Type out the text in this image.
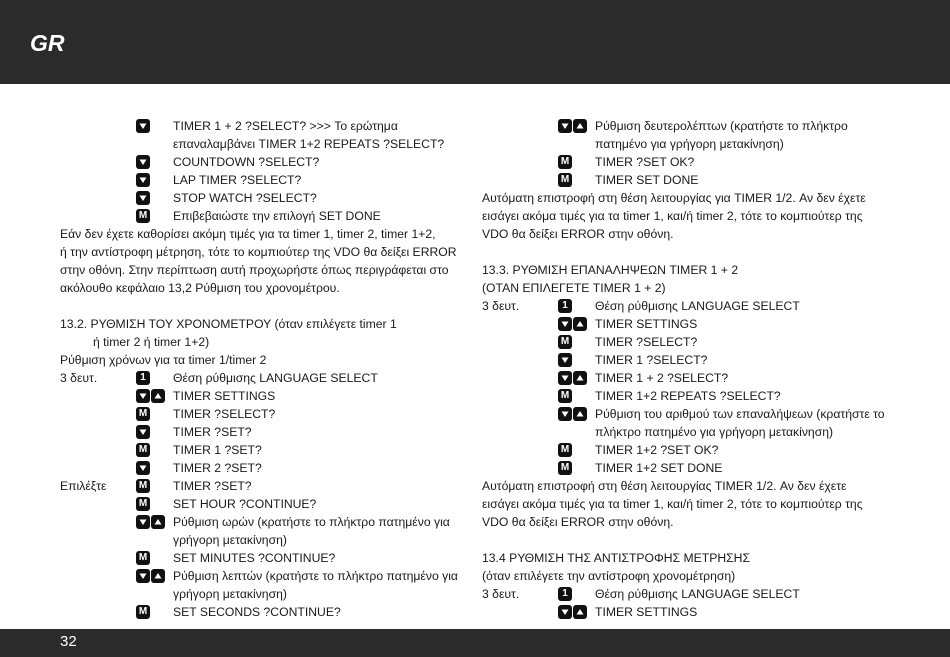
GR
TIMER 1 + 2 ?SELECT? >>> Το ερώτημα
επαναλαμβάνει TIMER 1+2 REPEATS ?SELECT?
COUNTDOWN ?SELECT?
LAP TIMER ?SELECT?
STOP WATCH ?SELECT?
M Επιβεβαιώστε την επιλογή SET DONE
Εάν δεν έχετε καθορίσει ακόμη τιμές για τα timer 1, timer 2, timer 1+2,
ή την αντίστροφη μέτρηση, τότε το κομπιούτερ της VDO θα δείξει ERROR
στην οθόνη. Στην περίπτωση αυτή προχωρήστε όπως περιγράφεται στο
ακόλουθο κεφάλαιο 13,2 Ρύθμιση του χρονομέτρου.
13.2. ΡΥΘΜΙΣΗ ΤΟΥ ΧΡΟΝΟΜΕΤΡΟΥ (όταν επιλέγετε timer 1
ή timer 2 ή timer 1+2)
Ρύθμιση χρόνων για τα timer 1/timer 2
3 δευτ.	1	Θέση ρύθμισης LANGUAGE SELECT
TIMER SETTINGS
M TIMER ?SELECT?
TIMER ?SET?
M TIMER 1 ?SET?
TIMER 2 ?SET?
Επιλέξτε	M TIMER ?SET?
M SET HOUR ?CONTINUE?
Ρύθμιση ωρών (κρατήστε το πλήκτρο πατημένο για
γρήγορη μετακίνηση)
M SET MINUTES ?CONTINUE?
Ρύθμιση λεπτών (κρατήστε το πλήκτρο πατημένο για
γρήγορη μετακίνηση)
M SET SECONDS ?CONTINUE?
Ρύθμιση δευτερολέπτων (κρατήστε το πλήκτρο
πατημένο για γρήγορη μετακίνηση)
M TIMER ?SET OK?
M TIMER SET DONE
Αυτόματη επιστροφή στη θέση λειτουργίας για TIMER 1/2. Αν δεν έχετε
εισάγει ακόμα τιμές για τα timer 1, και/ή timer 2, τότε το κομπιούτερ της
VDO θα δείξει ERROR στην οθόνη.
13.3. ΡΥΘΜΙΣΗ ΕΠΑΝΑΛΗΨΕΩΝ TIMER 1 + 2
(ΟΤΑΝ ΕΠΙΛΕΓΕΤΕ TIMER 1 + 2)
3 δευτ.	1	Θέση ρύθμισης LANGUAGE SELECT
TIMER SETTINGS
M TIMER ?SELECT?
TIMER 1 ?SELECT?
TIMER 1 + 2 ?SELECT?
M TIMER 1+2 REPEATS ?SELECT?
Ρύθμιση του αριθμού των επαναλήψεων (κρατήστε το
πλήκτρο πατημένο για γρήγορη μετακίνηση)
M TIMER 1+2 ?SET OK?
M TIMER 1+2 SET DONE
Αυτόματη επιστροφή στη θέση λειτουργίας TIMER 1/2. Αν δεν έχετε
εισάγει ακόμα τιμές για τα timer 1, και/ή timer 2, τότε το κομπιούτερ της
VDO θα δείξει ERROR στην οθόνη.
13.4 ΡΥΘΜΙΣΗ ΤΗΣ ΑΝΤΙΣΤΡΟΦΗΣ ΜΕΤΡΗΣΗΣ
(όταν επιλέγετε την αντίστροφη χρονομέτρηση)
3 δευτ.	1	Θέση ρύθμισης LANGUAGE SELECT
TIMER SETTINGS
32
